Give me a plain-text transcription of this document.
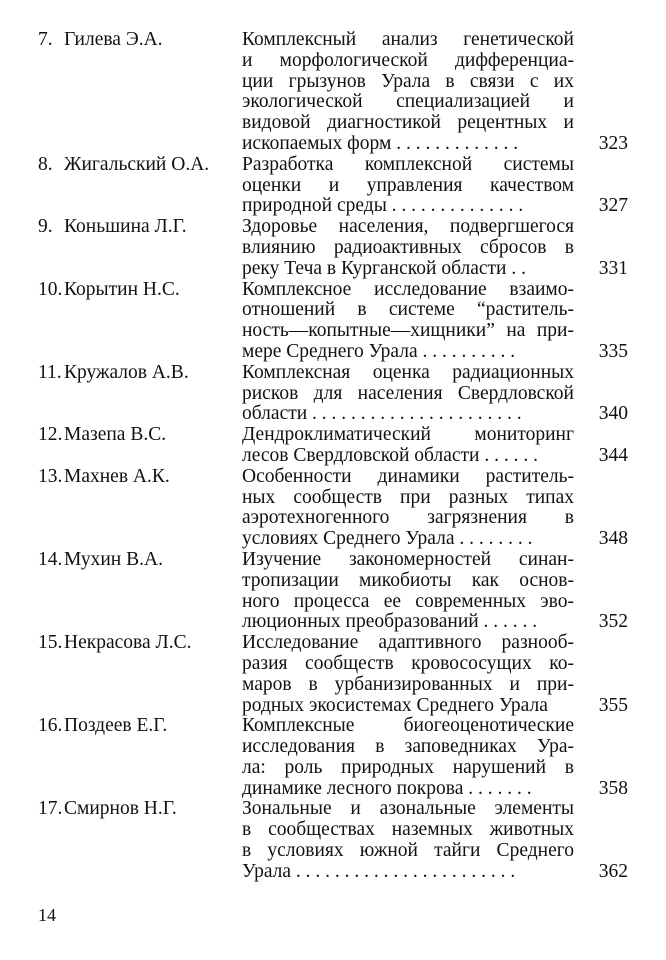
7. Гилева Э.А.	Комплексный анализ генетической
и морфологической дифференциа-
ции грызунов Урала в связи с их
экологической специализацией и
видовой диагностикой рецентных и
ископаемых форм . . . . . . . . . . . . .	323
8. Жигальский О.А.	Разработка комплексной системы
оценки и управления качеством
природной среды . . . . . . . . . . . . . .	327
9. Коньшина Л.Г.	Здоровье населения, подвергшегося
влиянию радиоактивных сбросов в
реку Теча в Курганской области . .	331
10.Корытин Н.С.	Комплексное исследование взаимо-
отношений в системе “раститель-
ность—копытные—хищники” на при-
мере Среднего Урала . . . . . . . . . .	335
11. Кружалов А.В.	Комплексная оценка радиационных
рисков для населения Свердловской
области . . . . . . . . . . . . . . . . . . . . . .	340
12.Мазепа В.С.	Дендроклиматический мониторинг
лесов Свердловской области . . . . . .	344
13.Махнев А.К.	Особенности динамики раститель-
ных сообществ при разных типах
аэротехногенного загрязнения в
условиях Среднего Урала . . . . . . . .	348
14.Мухин В.А.	Изучение закономерностей синан-
тропизации микобиоты как основ-
ного процесса ее современных эво-
люционных преобразований . . . . . .	352
15.Некрасова Л.С.	Исследование адаптивного разнооб-
разия сообществ кровососущих ко-
маров в урбанизированных и при-
родных экосистемах Среднего Урала	355
16.Поздеев Е.Г.	Комплексные биогеоценотические
исследования в заповедниках Ура-
ла: роль природных нарушений в
динамике лесного покрова . . . . . . .	358
17.Смирнов Н.Г.	Зональные и азональные элементы
в сообществах наземных животных
в условиях южной тайги Среднего
Урала . . . . . . . . . . . . . . . . . . . . . . .	362
14
